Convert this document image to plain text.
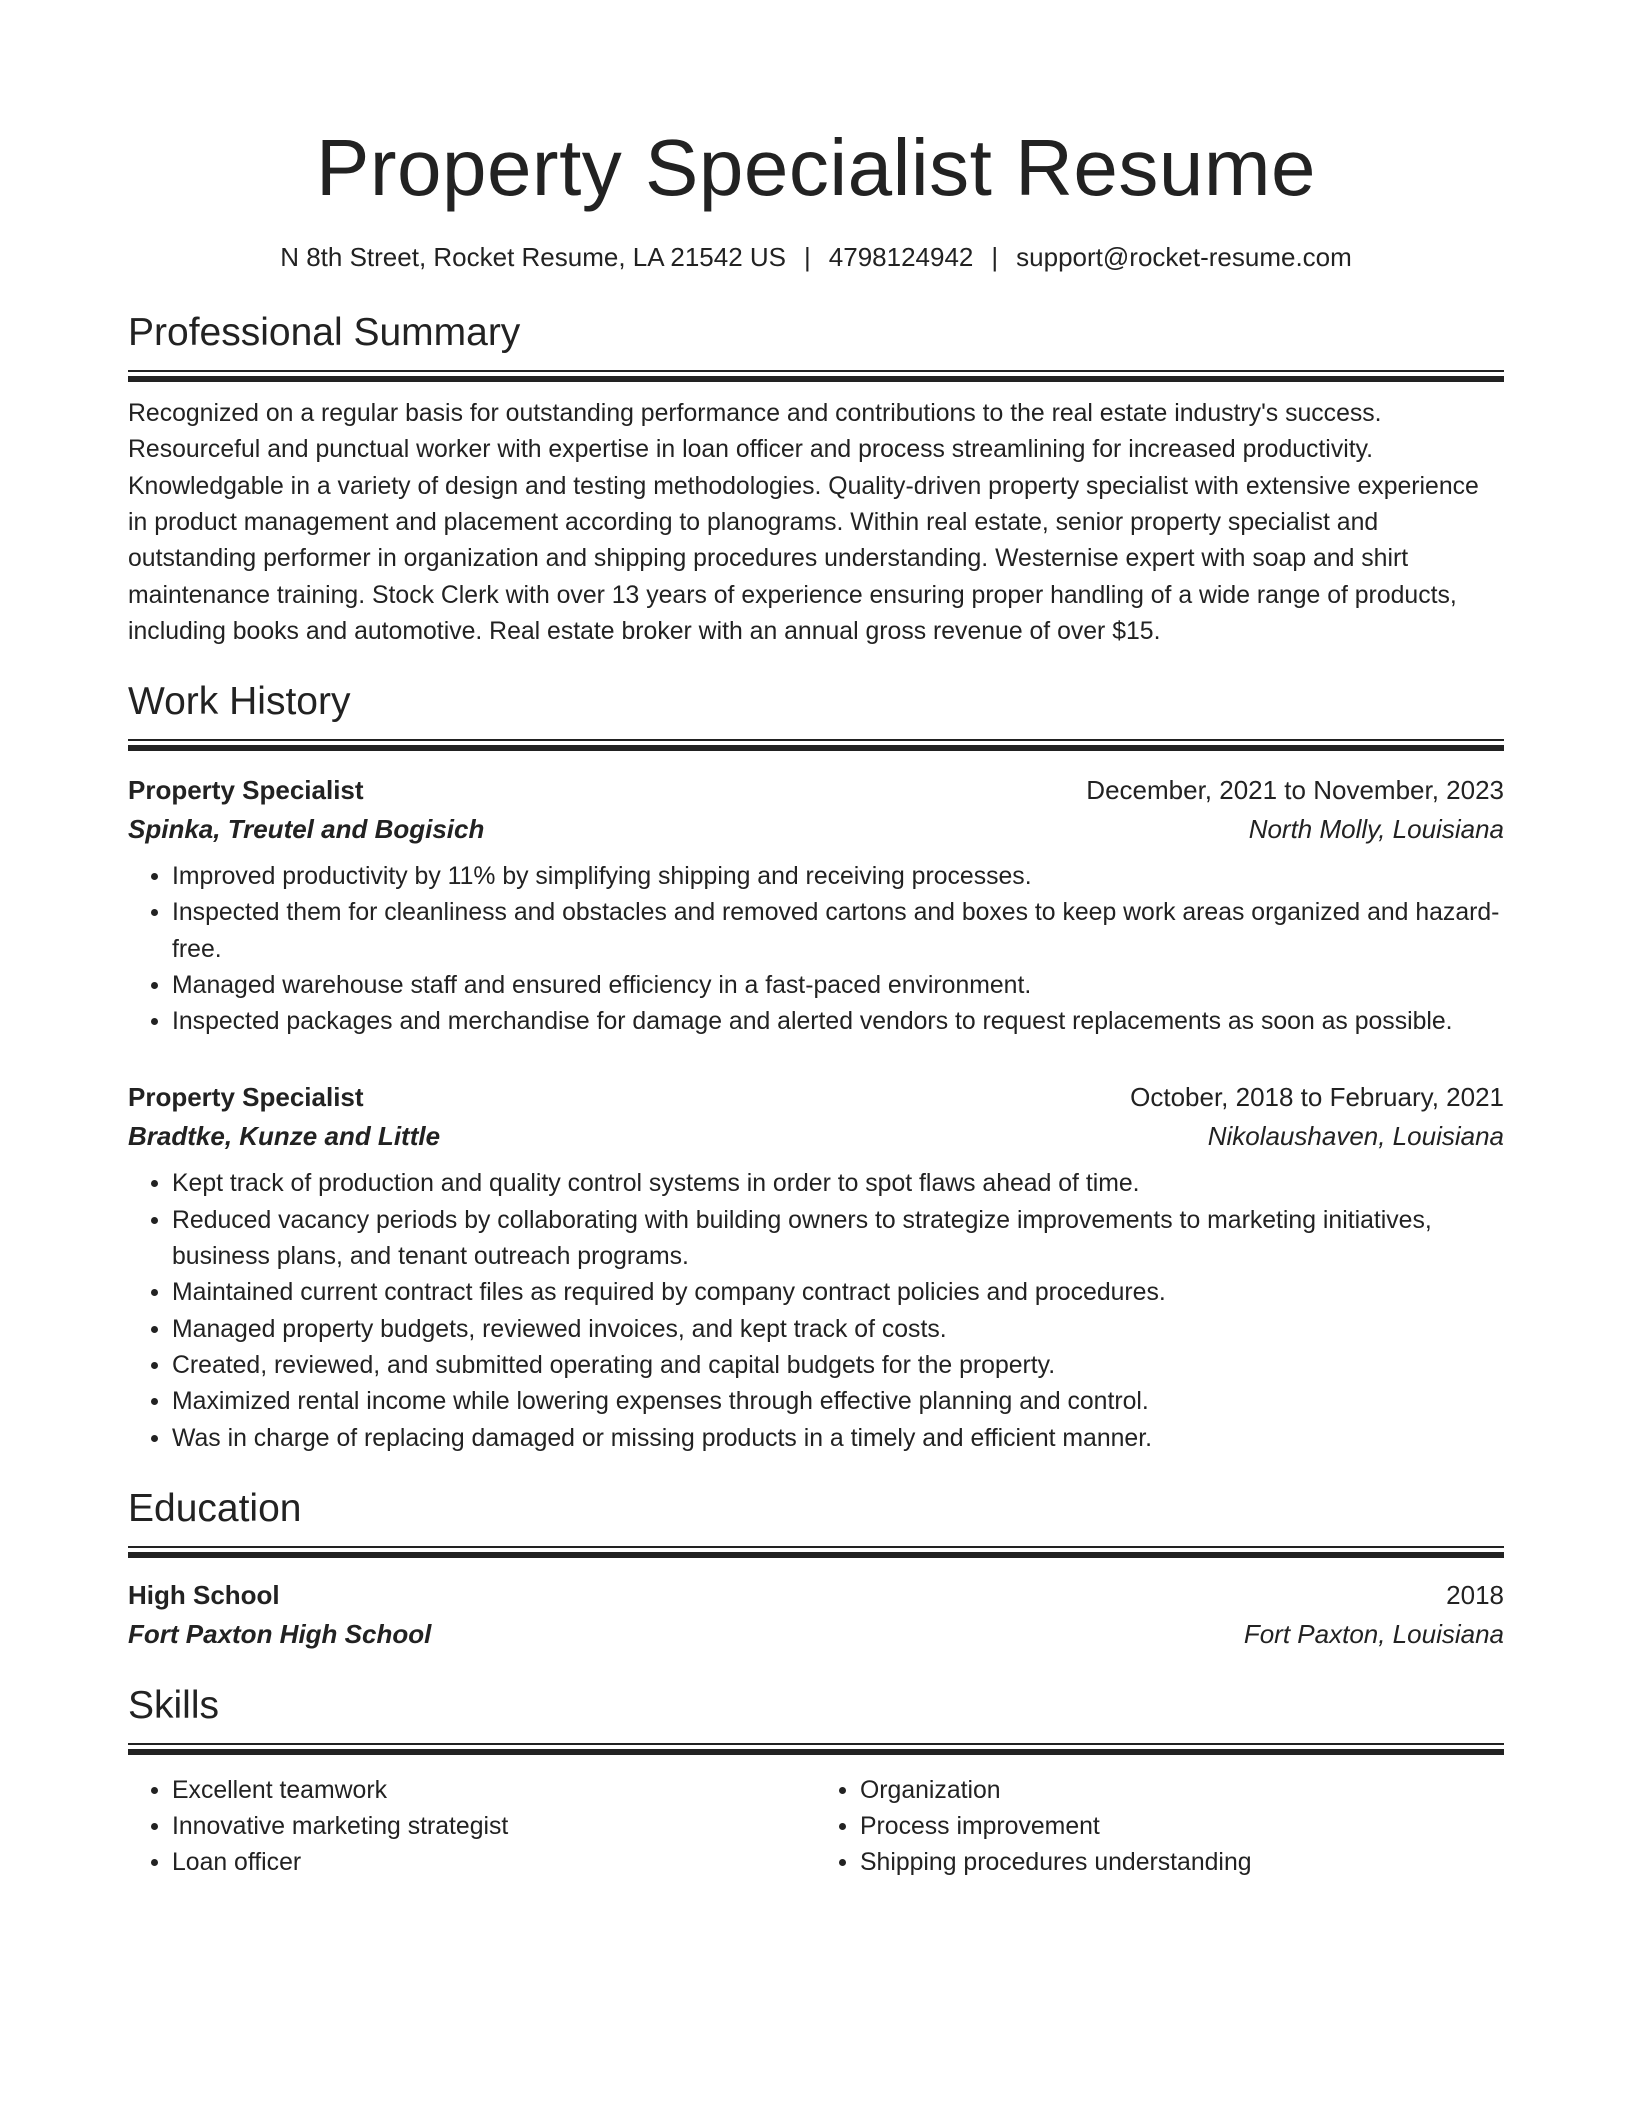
Property Specialist Resume
N 8th Street, Rocket Resume, LA 21542 US | 4798124942 | support@rocket-resume.com
Professional Summary
Recognized on a regular basis for outstanding performance and contributions to the real estate industry's success. Resourceful and punctual worker with expertise in loan officer and process streamlining for increased productivity. Knowledgable in a variety of design and testing methodologies. Quality-driven property specialist with extensive experience in product management and placement according to planograms. Within real estate, senior property specialist and outstanding performer in organization and shipping procedures understanding. Westernise expert with soap and shirt maintenance training. Stock Clerk with over 13 years of experience ensuring proper handling of a wide range of products, including books and automotive. Real estate broker with an annual gross revenue of over $15.
Work History
Property Specialist	December, 2021 to November, 2023
Spinka, Treutel and Bogisich	North Molly, Louisiana
• Improved productivity by 11% by simplifying shipping and receiving processes.
• Inspected them for cleanliness and obstacles and removed cartons and boxes to keep work areas organized and hazard-free.
• Managed warehouse staff and ensured efficiency in a fast-paced environment.
• Inspected packages and merchandise for damage and alerted vendors to request replacements as soon as possible.
Property Specialist	October, 2018 to February, 2021
Bradtke, Kunze and Little	Nikolaushaven, Louisiana
• Kept track of production and quality control systems in order to spot flaws ahead of time.
• Reduced vacancy periods by collaborating with building owners to strategize improvements to marketing initiatives, business plans, and tenant outreach programs.
• Maintained current contract files as required by company contract policies and procedures.
• Managed property budgets, reviewed invoices, and kept track of costs.
• Created, reviewed, and submitted operating and capital budgets for the property.
• Maximized rental income while lowering expenses through effective planning and control.
• Was in charge of replacing damaged or missing products in a timely and efficient manner.
Education
High School	2018
Fort Paxton High School	Fort Paxton, Louisiana
Skills
• Excellent teamwork
• Innovative marketing strategist
• Loan officer
• Organization
• Process improvement
• Shipping procedures understanding
